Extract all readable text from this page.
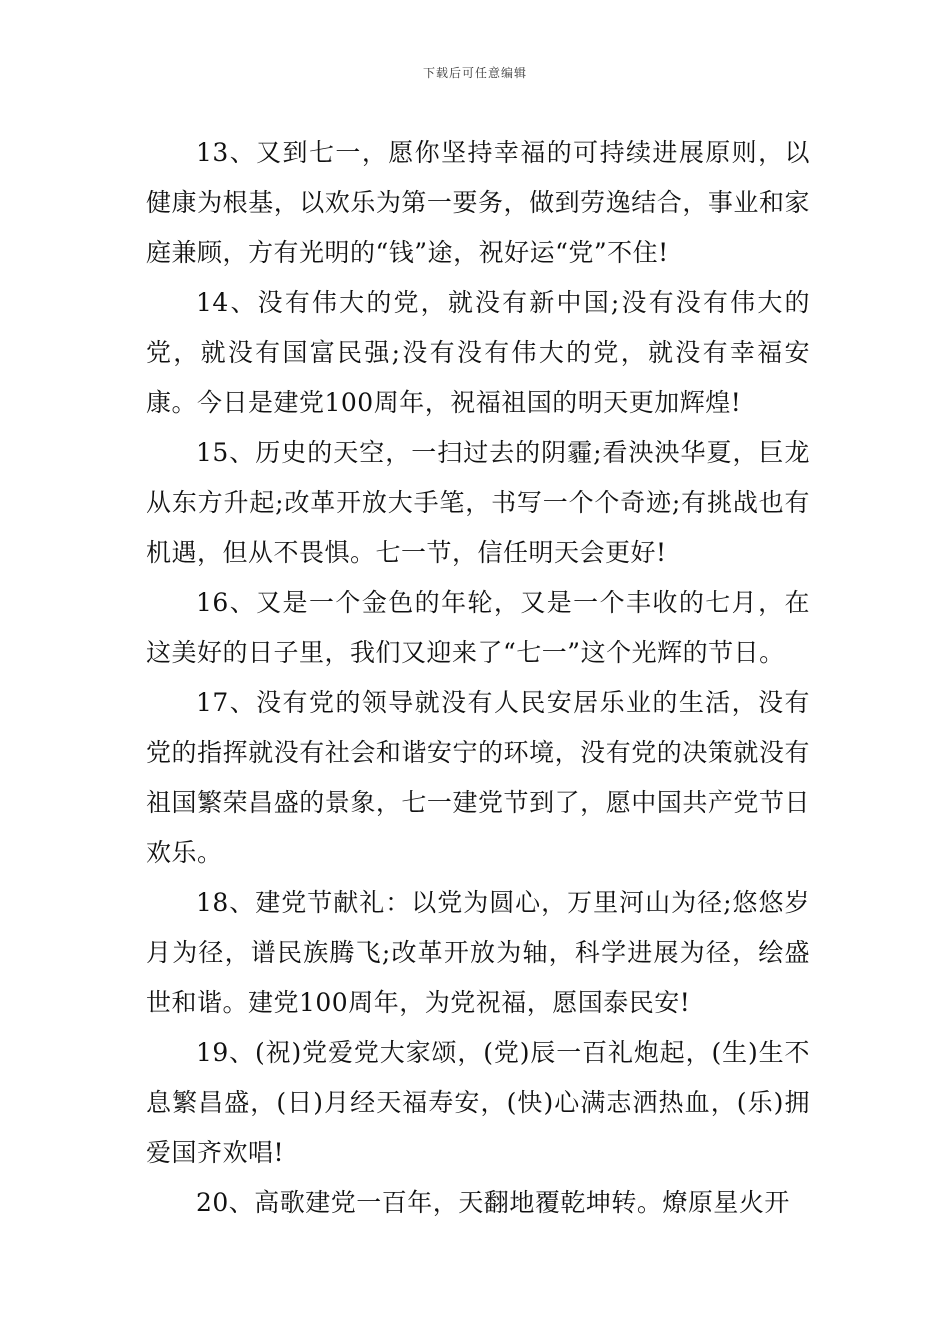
下载后可任意编辑

13、又到七一，愿你坚持幸福的可持续进展原则，以健康为根基，以欢乐为第一要务，做到劳逸结合，事业和家庭兼顾，方有光明的“钱”途，祝好运“党”不住!

14、没有伟大的党，就没有新中国;没有没有伟大的党，就没有国富民强;没有没有伟大的党，就没有幸福安康。今日是建党100周年，祝福祖国的明天更加辉煌!

15、历史的天空，一扫过去的阴霾;看泱泱华夏，巨龙从东方升起;改革开放大手笔，书写一个个奇迹;有挑战也有机遇，但从不畏惧。七一节，信任明天会更好!

16、又是一个金色的年轮，又是一个丰收的七月，在这美好的日子里，我们又迎来了“七一”这个光辉的节日。

17、没有党的领导就没有人民安居乐业的生活，没有党的指挥就没有社会和谐安宁的环境，没有党的决策就没有祖国繁荣昌盛的景象，七一建党节到了，愿中国共产党节日欢乐。

18、建党节献礼：以党为圆心，万里河山为径;悠悠岁月为径，谱民族腾飞;改革开放为轴，科学进展为径，绘盛世和谐。建党100周年，为党祝福，愿国泰民安!

19、(祝)党爱党大家颂，(党)辰一百礼炮起，(生)生不息繁昌盛，(日)月经天福寿安，(快)心满志洒热血，(乐)拥爱国齐欢唱!

20、高歌建党一百年，天翻地覆乾坤转。燎原星火开
